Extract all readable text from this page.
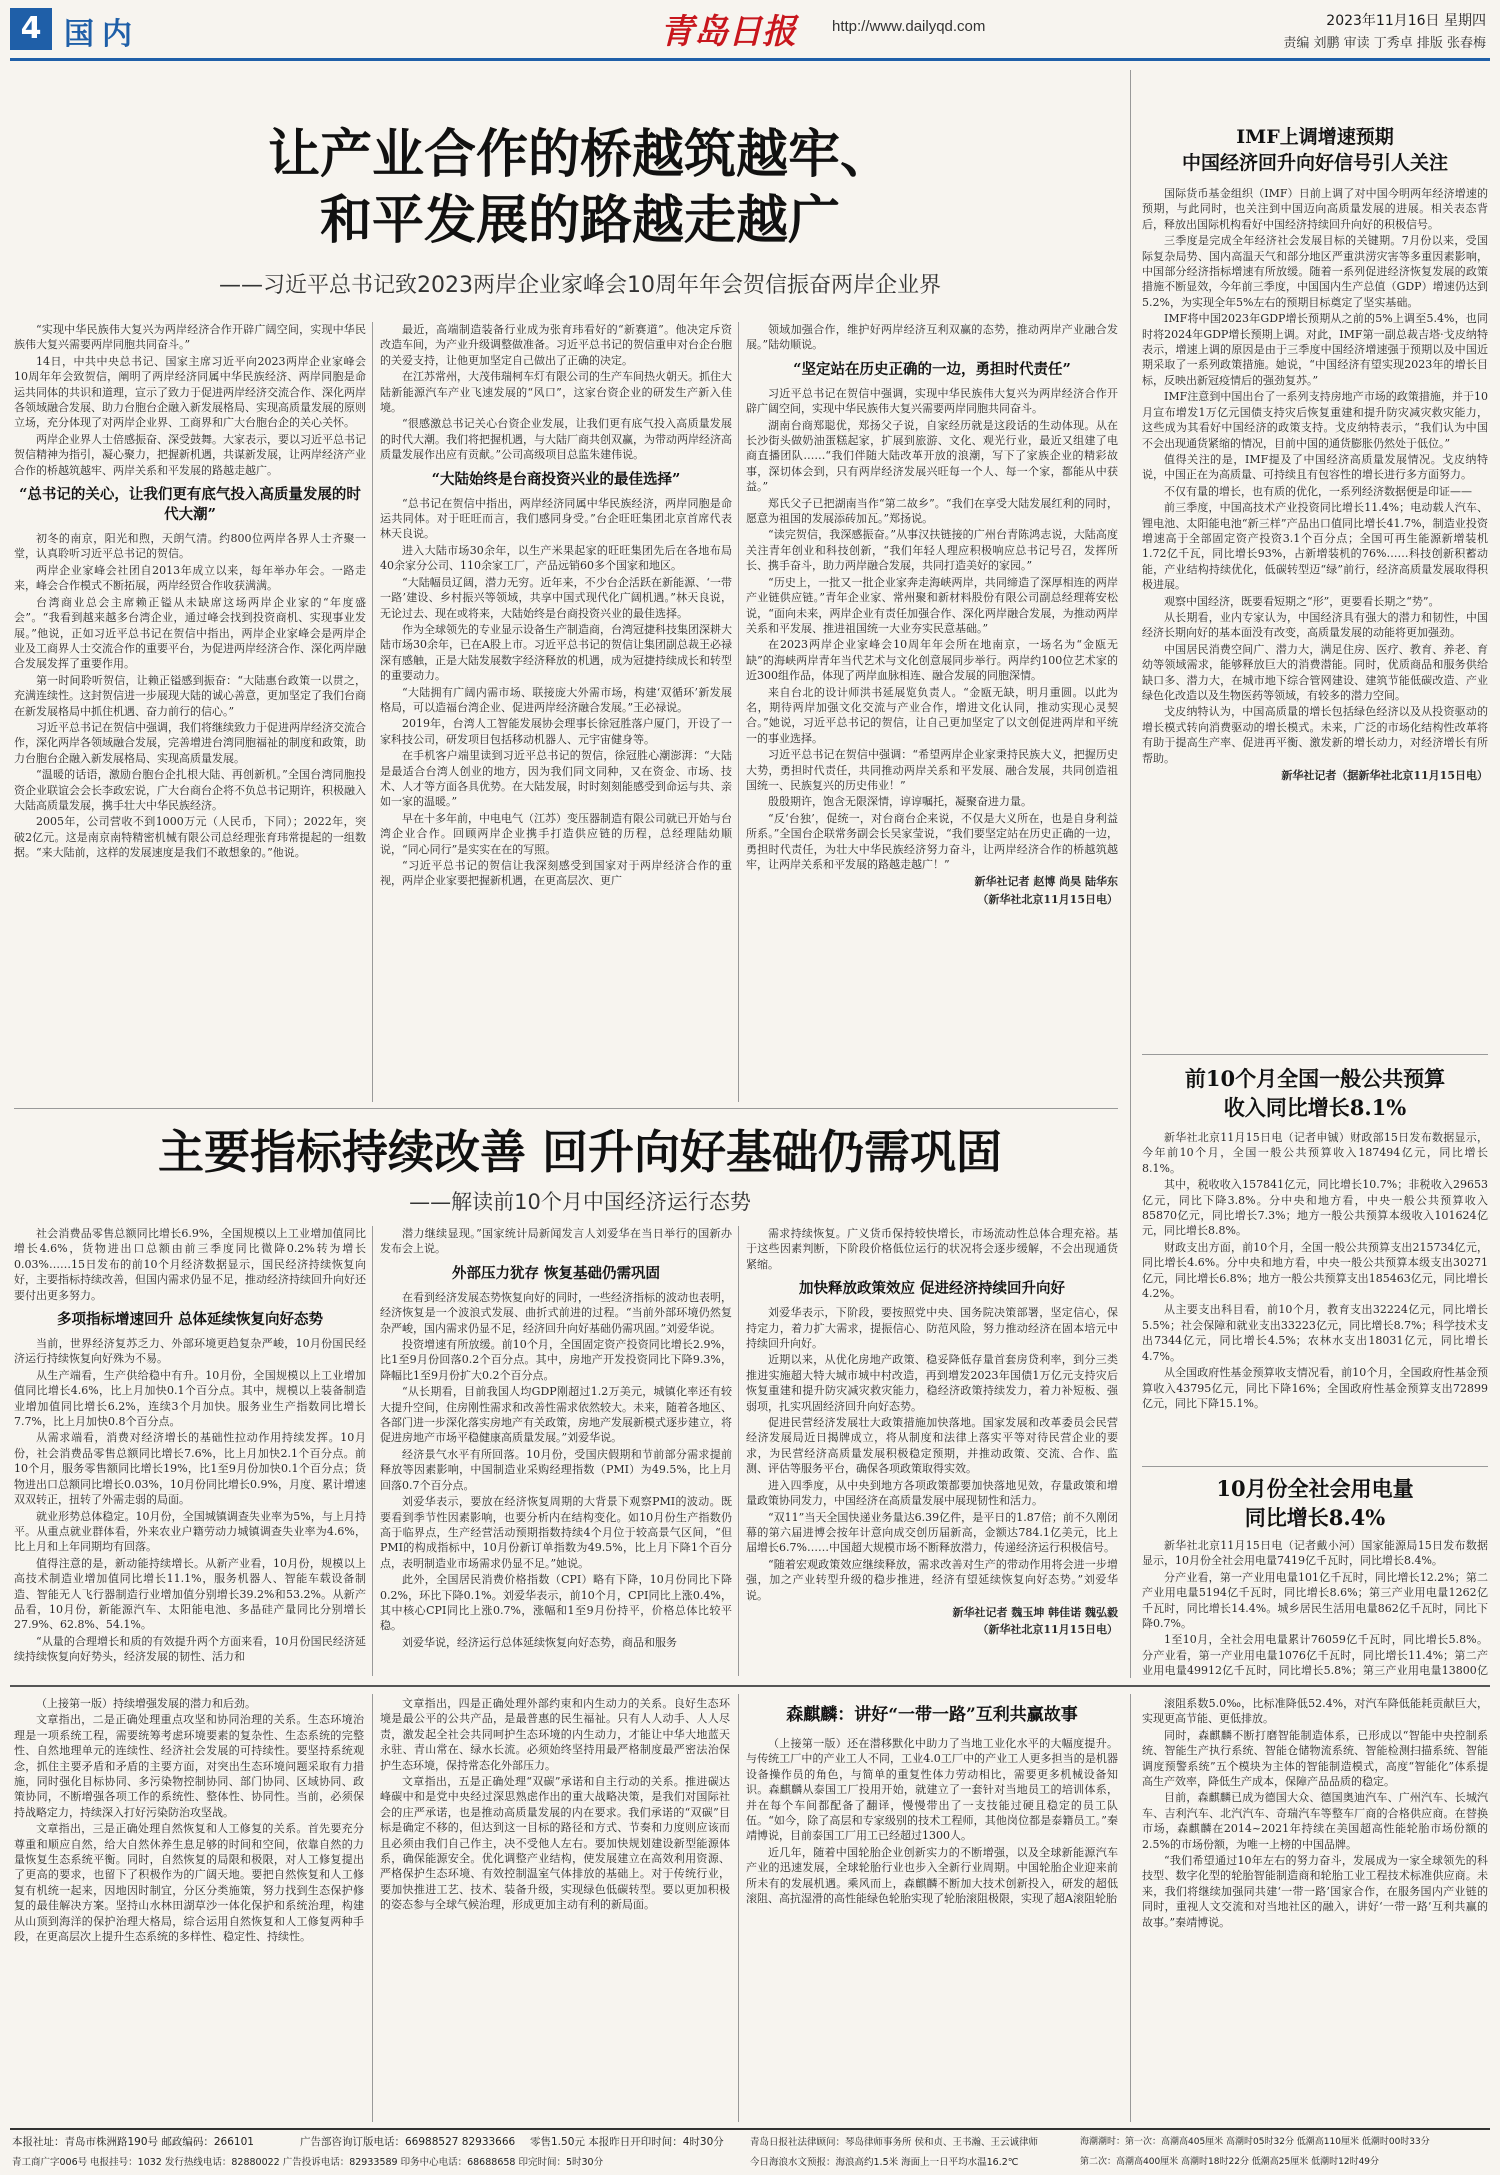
4 国内	青岛日报 http://www.dailyqd.com	2023年11月16日 星期四
责编 刘鹏 审读 丁秀卓 排版 张春梅
让产业合作的桥越筑越牢、
和平发展的路越走越广
——习近平总书记致2023两岸企业家峰会10周年年会贺信振奋两岸企业界

“实现中华民族伟大复兴为两岸经济合作开辟广阔空间，实现中华民族伟大复兴需要两岸同胞共同奋斗。”

14日，中共中央总书记、国家主席习近平向2023两岸企业家峰会10周年年会致贺信，阐明了两岸经济同属中华民族经济、两岸同胞是命运共同体的共识和道理，宣示了致力于促进两岸经济交流合作、深化两岸各领域融合发展、助力台胞台企融入新发展格局、实现高质量发展的原则立场，充分体现了对两岸企业界、工商界和广大台胞台企的关心关怀。

两岸企业界人士倍感振奋、深受鼓舞。大家表示，要以习近平总书记贺信精神为指引，凝心聚力，把握新机遇，共谋新发展，让两岸经济产业合作的桥越筑越牢、两岸关系和平发展的路越走越广。

“总书记的关心，让我们更有底气投入高质量发展的时代大潮”

初冬的南京，阳光和煦，天朗气清。约800位两岸各界人士齐聚一堂，认真聆听习近平总书记的贺信。

两岸企业家峰会社团自2013年成立以来，每年举办年会。一路走来，峰会合作模式不断拓展，两岸经贸合作收获满满。

台湾商业总会主席赖正镒从未缺席这场两岸企业家的“年度盛会”。“我看到越来越多台湾企业，通过峰会找到投资商机、实现事业发展。”他说，正如习近平总书记在贺信中指出，两岸企业家峰会是两岸企业及工商界人士交流合作的重要平台，为促进两岸经济合作、深化两岸融合发展发挥了重要作用。

第一时间聆听贺信，让赖正镒感到振奋：“大陆惠台政策一以贯之，充满连续性。这封贺信进一步展现大陆的诚心善意，更加坚定了我们台商在新发展格局中抓住机遇、奋力前行的信心。”

习近平总书记在贺信中强调，我们将继续致力于促进两岸经济交流合作，深化两岸各领域融合发展，完善增进台湾同胞福祉的制度和政策，助力台胞台企融入新发展格局、实现高质量发展。

“温暖的话语，激励台胞台企扎根大陆、再创新机。”全国台湾同胞投资企业联谊会会长李政宏说，广大台商台企将不负总书记期许，积极融入大陆高质量发展，携手壮大中华民族经济。

2005年，公司营收不到1000万元（人民币，下同）；2022年，突破2亿元。这是南京南特精密机械有限公司总经理张育玮常提起的一组数据。“来大陆前，这样的发展速度是我们不敢想象的。”他说。

最近，高端制造装备行业成为张育玮看好的“新赛道”。他决定斥资改造车间，为产业升级调整做准备。习近平总书记的贺信重申对台企台胞的关爱支持，让他更加坚定自己做出了正确的决定。

在江苏常州，大茂伟瑞柯车灯有限公司的生产车间热火朝天。抓住大陆新能源汽车产业飞速发展的“风口”，这家台资企业的研发生产新入佳境。

“很感激总书记关心台资企业发展，让我们更有底气投入高质量发展的时代大潮。我们将把握机遇，与大陆厂商共创双赢，为带动两岸经济高质量发展作出应有贡献。”公司高级项目总监朱建伟说。

“大陆始终是台商投资兴业的最佳选择”

“总书记在贺信中指出，两岸经济同属中华民族经济，两岸同胞是命运共同体。对于旺旺而言，我们感同身受。”台企旺旺集团北京首席代表林天良说。

进入大陆市场30余年，以生产米果起家的旺旺集团先后在各地布局40余家分公司、110余家工厂，产品远销60多个国家和地区。

“大陆幅员辽阔，潜力无穷。近年来，不少台企活跃在新能源、‘一带一路’建设、乡村振兴等领域，共享中国式现代化广阔机遇。”林天良说，无论过去、现在或将来，大陆始终是台商投资兴业的最佳选择。

作为全球领先的专业显示设备生产制造商，台湾冠捷科技集团深耕大陆市场30余年，已在A股上市。习近平总书记的贺信让集团副总裁王必禄深有感触，正是大陆发展数字经济释放的机遇，成为冠捷持续成长和转型的重要动力。

“大陆拥有广阔内需市场、联接庞大外需市场，构建‘双循环’新发展格局，可以造福台湾企业、促进两岸经济融合发展。”王必禄说。

2019年，台湾人工智能发展协会理事长徐冠胜落户厦门，开设了一家科技公司，研发项目包括移动机器人、元宇宙健身等。

在手机客户端里读到习近平总书记的贺信，徐冠胜心潮澎湃：“大陆是最适合台湾人创业的地方，因为我们同文同种，又在资金、市场、技术、人才等方面各具优势。在大陆发展，时时刻刻能感受到命运与共、亲如一家的温暖。”

早在十多年前，中电电气（江苏）变压器制造有限公司就已开始与台湾企业合作。回顾两岸企业携手打造供应链的历程，总经理陆幼顺说，“同心同行”是实实在在的写照。

“习近平总书记的贺信让我深刻感受到国家对于两岸经济合作的重视，两岸企业家要把握新机遇，在更高层次、更广

领域加强合作，维护好两岸经济互利双赢的态势，推动两岸产业融合发展。”陆幼顺说。

“坚定站在历史正确的一边，勇担时代责任”

习近平总书记在贺信中强调，实现中华民族伟大复兴为两岸经济合作开辟广阔空间，实现中华民族伟大复兴需要两岸同胞共同奋斗。

湖南台商郑聪优，郑扬父子说，自家经历就是这段话的生动体现。从在长沙街头做奶油蛋糕起家，扩展到旅游、文化、观光行业，最近又组建了电商直播团队……“我们伴随大陆改革开放的浪潮，写下了家族企业的精彩故事，深切体会到，只有两岸经济发展兴旺每一个人、每一个家，都能从中获益。”

郑氏父子已把湖南当作“第二故乡”。“我们在享受大陆发展红利的同时，愿意为祖国的发展添砖加瓦。”郑扬说。

“读完贺信，我深感振奋。”从事汉扶链接的广州台青陈鸿志说，大陆高度关注青年创业和科技创新，“我们年轻人理应积极响应总书记号召，发挥所长、携手奋斗，助力两岸融合发展，共同打造美好的家园。”

“历史上，一批又一批企业家奔走海峡两岸，共同缔造了深厚相连的两岸产业链供应链。”青年企业家、常州聚和新材料股份有限公司副总经理蒋安松说，“面向未来，两岸企业有责任加强合作、深化两岸融合发展，为推动两岸关系和平发展、推进祖国统一大业夯实民意基础。”

在2023两岸企业家峰会10周年年会所在地南京，一场名为“金瓯无缺”的海峡两岸青年当代艺术与文化创意展同步举行。两岸约100位艺术家的近300组作品，体现了两岸血脉相连、融合发展的同胞深情。

来自台北的设计师洪书延展览负责人。“金瓯无缺，明月重圆。以此为名，期待两岸加强文化交流与产业合作，增进文化认同，推动实现心灵契合。”她说，习近平总书记的贺信，让自己更加坚定了以文创促进两岸和平统一的事业选择。

习近平总书记在贺信中强调：“希望两岸企业家秉持民族大义，把握历史大势，勇担时代责任，共同推动两岸关系和平发展、融合发展，共同创造祖国统一、民族复兴的历史伟业！”

殷殷期许，饱含无限深情，谆谆嘱托，凝聚奋进力量。

“反‘台独’，促统一，对台商台企来说，不仅是大义所在，也是自身利益所系。”全国台企联常务副会长吴家莹说，“我们要坚定站在历史正确的一边，勇担时代责任，为壮大中华民族经济努力奋斗，让两岸经济合作的桥越筑越牢，让两岸关系和平发展的路越走越广！”

新华社记者 赵博 尚昊 陆华东
（新华社北京11月15日电）
主要指标持续改善 回升向好基础仍需巩固
——解读前10个月中国经济运行态势

社会消费品零售总额同比增长6.9%，全国规模以上工业增加值同比增长4.6%，货物进出口总额由前三季度同比微降0.2%转为增长0.03%……15日发布的前10个月经济数据显示，国民经济持续恢复向好，主要指标持续改善，但国内需求仍显不足，推动经济持续回升向好还要付出更多努力。

多项指标增速回升 总体延续恢复向好态势

当前，世界经济复苏乏力、外部环境更趋复杂严峻，10月份国民经济运行持续恢复向好殊为不易。

从生产端看，生产供给稳中有升。10月份，全国规模以上工业增加值同比增长4.6%，比上月加快0.1个百分点。其中，规模以上装备制造业增加值同比增长6.2%，连续3个月加快。服务业生产指数同比增长7.7%，比上月加快0.8个百分点。

从需求端看，消费对经济增长的基础性拉动作用持续发挥。10月份，社会消费品零售总额同比增长7.6%，比上月加快2.1个百分点。前10个月，服务零售额同比增长19%，比1至9月份加快0.1个百分点；货物进出口总额同比增长0.03%，10月份同比增长0.9%，月度、累计增速双双转正，扭转了外需走弱的局面。

就业形势总体稳定。10月份，全国城镇调查失业率为5%，与上月持平。从重点就业群体看，外来农业户籍劳动力城镇调查失业率为4.6%，比上月和上年同期均有回落。

值得注意的是，新动能持续增长。从新产业看，10月份，规模以上高技术制造业增加值同比增长11.1%，服务机器人、智能车载设备制造、智能无人飞行器制造行业增加值分别增长39.2%和53.2%。从新产品看，10月份，新能源汽车、太阳能电池、多晶硅产量同比分别增长27.9%、62.8%、54.1%。

“从量的合理增长和质的有效提升两个方面来看，10月份国民经济延续持续恢复向好势头，经济发展的韧性、活力和

潜力继续显现。”国家统计局新闻发言人刘爱华在当日举行的国新办发布会上说。

外部压力犹存 恢复基础仍需巩固

在看到经济发展态势恢复向好的同时，一些经济指标的波动也表明，经济恢复是一个波浪式发展、曲折式前进的过程。“当前外部环境仍然复杂严峻，国内需求仍显不足，经济回升向好基础仍需巩固。”刘爱华说。

投资增速有所放缓。前10个月，全国固定资产投资同比增长2.9%，比1至9月份回落0.2个百分点。其中，房地产开发投资同比下降9.3%，降幅比1至9月份扩大0.2个百分点。

“从长期看，目前我国人均GDP刚超过1.2万美元，城镇化率还有较大提升空间，住房刚性需求和改善性需求依然较大。未来，随着各地区、各部门进一步深化落实房地产有关政策，房地产发展新模式逐步建立，将促进房地产市场平稳健康高质量发展。”刘爱华说。

经济景气水平有所回落。10月份，受国庆假期和节前部分需求提前释放等因素影响，中国制造业采购经理指数（PMI）为49.5%，比上月回落0.7个百分点。

刘爱华表示，要放在经济恢复周期的大背景下观察PMI的波动。既要看到季节性因素影响，也要分析内在结构变化。如10月份生产指数仍高于临界点，生产经营活动预期指数持续4个月位于较高景气区间，“但PMI的构成指标中，10月份新订单指数为49.5%，比上月下降1个百分点，表明制造业市场需求仍显不足。”她说。

此外，全国居民消费价格指数（CPI）略有下降，10月份同比下降0.2%，环比下降0.1%。刘爱华表示，前10个月，CPI同比上涨0.4%，其中核心CPI同比上涨0.7%，涨幅和1至9月份持平，价格总体比较平稳。

刘爱华说，经济运行总体延续恢复向好态势，商品和服务

需求持续恢复。广义货币保持较快增长，市场流动性总体合理充裕。基于这些因素判断，下阶段价格低位运行的状况将会逐步缓解，不会出现通货紧缩。

加快释放政策效应 促进经济持续回升向好

刘爱华表示，下阶段，要按照党中央、国务院决策部署，坚定信心，保持定力，着力扩大需求，提振信心、防范风险，努力推动经济在固本培元中持续回升向好。

近期以来，从优化房地产政策、稳妥降低存量首套房贷利率，到分三类推进实施超大特大城市城中村改造，再到增发2023年国债1万亿元支持灾后恢复重建和提升防灾减灾救灾能力，稳经济政策持续发力，着力补短板、强弱项，扎实巩固经济回升向好态势。

促进民营经济发展壮大政策措施加快落地。国家发展和改革委员会民营经济发展局近日揭牌成立，将从制度和法律上落实平等对待民营企业的要求，为民营经济高质量发展积极稳定预期，并推动政策、交流、合作、监测、评估等服务平台，确保各项政策取得实效。

进入四季度，从中央到地方各项政策都要加快落地见效，存量政策和增量政策协同发力，中国经济在高质量发展中展现韧性和活力。

“双11”当天全国快递业务量达6.39亿件，是平日的1.87倍；前不久刚闭幕的第六届进博会按年计意向成交创历届新高，金额达784.1亿美元，比上届增长6.7%……中国超大规模市场不断释放潜力，传递经济运行积极信号。

“随着宏观政策效应继续释放，需求改善对生产的带动作用将会进一步增强，加之产业转型升级的稳步推进，经济有望延续恢复向好态势。”刘爱华说。

新华社记者 魏玉坤 韩佳诺 魏弘毅
（新华社北京11月15日电）
IMF上调增速预期
中国经济回升向好信号引人关注

国际货币基金组织（IMF）日前上调了对中国今明两年经济增速的预期，与此同时，也关注到中国迈向高质量发展的进展。相关表态背后，释放出国际机构看好中国经济持续回升向好的积极信号。

三季度是完成全年经济社会发展目标的关键期。7月份以来，受国际复杂局势、国内高温天气和部分地区严重洪涝灾害等多重因素影响，中国部分经济指标增速有所放缓。随着一系列促进经济恢复发展的政策措施不断显效，今年前三季度，中国国内生产总值（GDP）增速仍达到5.2%，为实现全年5%左右的预期目标奠定了坚实基础。

IMF将中国2023年GDP增长预期从之前的5%上调至5.4%，也同时将2024年GDP增长预期上调。对此，IMF第一副总裁吉塔·戈皮纳特表示，增速上调的原因是由于三季度中国经济增速强于预期以及中国近期采取了一系列政策措施。她说，“中国经济有望实现2023年的增长目标，反映出新冠疫情后的强劲复苏。”

IMF注意到中国出台了一系列支持房地产市场的政策措施，并于10月宣布增发1万亿元国债支持灾后恢复重建和提升防灾减灾救灾能力，这些成为其看好中国经济的政策支持。戈皮纳特表示，“我们认为中国不会出现通货紧缩的情况，目前中国的通货膨胀仍然处于低位。”

值得关注的是，IMF提及了中国经济高质量发展情况。戈皮纳特说，中国正在为高质量、可持续且有包容性的增长进行多方面努力。

不仅有量的增长，也有质的优化，一系列经济数据便是印证——

前三季度，中国高技术产业投资同比增长11.4%；电动载人汽车、锂电池、太阳能电池“新三样”产品出口值同比增长41.7%，制造业投资增速高于全部固定资产投资3.1个百分点；全国可再生能源新增装机1.72亿千瓦，同比增长93%，占新增装机的76%……科技创新积蓄动能，产业结构持续优化，低碳转型迈“绿”前行，经济高质量发展取得积极进展。

观察中国经济，既要看短期之“形”，更要看长期之“势”。

从长期看，业内专家认为，中国经济具有强大的潜力和韧性，中国经济长期向好的基本面没有改变，高质量发展的动能将更加强劲。

中国居民消费空间广、潜力大，满足住房、医疗、教育、养老、育幼等领域需求，能够释放巨大的消费潜能。同时，优质商品和服务供给缺口多、潜力大，在城市地下综合管网建设、建筑节能低碳改造、产业绿色化改造以及生物医药等领域，有较多的潜力空间。

戈皮纳特认为，中国高质量的增长包括绿色经济以及从投资驱动的增长模式转向消费驱动的增长模式。未来，广泛的市场化结构性改革将有助于提高生产率、促进再平衡、激发新的增长动力，对经济增长有所帮助。

新华社记者（据新华社北京11月15日电）
前10个月全国一般公共预算
收入同比增长8.1%

新华社北京11月15日电（记者申铖）财政部15日发布数据显示，今年前10个月，全国一般公共预算收入187494亿元，同比增长8.1%。

其中，税收收入157841亿元，同比增长10.7%；非税收入29653亿元，同比下降3.8%。分中央和地方看，中央一般公共预算收入85870亿元，同比增长7.3%；地方一般公共预算本级收入101624亿元，同比增长8.8%。

财政支出方面，前10个月，全国一般公共预算支出215734亿元，同比增长4.6%。分中央和地方看，中央一般公共预算本级支出30271亿元，同比增长6.8%；地方一般公共预算支出185463亿元，同比增长4.2%。

从主要支出科目看，前10个月，教育支出32224亿元，同比增长5.5%；社会保障和就业支出33223亿元，同比增长8.7%；科学技术支出7344亿元，同比增长4.5%；农林水支出18031亿元，同比增长4.7%。

从全国政府性基金预算收支情况看，前10个月，全国政府性基金预算收入43795亿元，同比下降16%；全国政府性基金预算支出72899亿元，同比下降15.1%。

10月份全社会用电量
同比增长8.4%

新华社北京11月15日电（记者戴小河）国家能源局15日发布数据显示，10月份全社会用电量7419亿千瓦时，同比增长8.4%。

分产业看，第一产业用电量101亿千瓦时，同比增长12.2%；第二产业用电量5194亿千瓦时，同比增长8.6%；第三产业用电量1262亿千瓦时，同比增长14.4%。城乡居民生活用电量862亿千瓦时，同比下降0.7%。

1至10月，全社会用电量累计76059亿千瓦时，同比增长5.8%。分产业看，第一产业用电量1076亿千瓦时，同比增长11.4%；第二产业用电量49912亿千瓦时，同比增长5.8%；第三产业用电量13800亿

（上接第一版）持续增强发展的潜力和后劲。

文章指出，二是正确处理重点攻坚和协同治理的关系。生态环境治理是一项系统工程，需要统筹考虑环境要素的复杂性、生态系统的完整性、自然地理单元的连续性、经济社会发展的可持续性。要坚持系统观念，抓住主要矛盾和矛盾的主要方面，对突出生态环境问题采取有力措施，同时强化目标协同、多污染物控制协同、部门协同、区域协同、政策协同，不断增强各项工作的系统性、整体性、协同性。当前，必须保持战略定力，持续深入打好污染防治攻坚战。

文章指出，三是正确处理自然恢复和人工修复的关系。首先要充分尊重和顺应自然，给大自然休养生息足够的时间和空间，依靠自然的力量恢复生态系统平衡。同时，自然恢复的局限和极限，对人工修复提出了更高的要求，也留下了积极作为的广阔天地。要把自然恢复和人工修复有机统一起来，因地因时制宜，分区分类施策，努力找到生态保护修复的最佳解决方案。坚持山水林田湖草沙一体化保护和系统治理，构建从山顶到海洋的保护治理大格局，综合运用自然恢复和人工修复两种手段，在更高层次上提升生态系统的多样性、稳定性、持续性。

文章指出，四是正确处理外部约束和内生动力的关系。良好生态环境是最公平的公共产品，是最普惠的民生福祉。只有人人动手、人人尽责，激发起全社会共同呵护生态环境的内生动力，才能让中华大地蓝天永驻、青山常在、绿水长流。必须始终坚持用最严格制度最严密法治保护生态环境，保持常态化外部压力。

文章指出，五是正确处理“双碳”承诺和自主行动的关系。推进碳达峰碳中和是党中央经过深思熟虑作出的重大战略决策，是我们对国际社会的庄严承诺，也是推动高质量发展的内在要求。我们承诺的“双碳”目标是确定不移的，但达到这一目标的路径和方式、节奏和力度则应该而且必须由我们自己作主，决不受他人左右。要加快规划建设新型能源体系，确保能源安全。优化调整产业结构，使发展建立在高效利用资源、严格保护生态环境、有效控制温室气体排放的基础上。对于传统行业，要加快推进工艺、技术、装备升级，实现绿色低碳转型。要以更加积极的姿态参与全球气候治理，形成更加主动有利的新局面。

森麒麟：讲好“一带一路”互利共赢故事

（上接第一版）还在潜移默化中助力了当地工业化水平的大幅度提升。与传统工厂中的产业工人不同，工业4.0工厂中的产业工人更多担当的是机器设备操作员的角色，与简单的重复性体力劳动相比，需要更多机械设备知识。森麒麟从泰国工厂投用开始，就建立了一套针对当地员工的培训体系，并在每个车间都配备了翻译，慢慢带出了一支技能过硬且稳定的员工队伍。“如今，除了高层和专家级别的技术工程师，其他岗位都是泰籍员工。”秦靖博说，目前泰国工厂用工已经超过1300人。

近几年，随着中国轮胎企业创新实力的不断增强，以及全球新能源汽车产业的迅速发展，全球轮胎行业也步入全新行业周期。中国轮胎企业迎来前所未有的发展机遇。乘风而上，森麒麟不断加大技术创新投入，研发的超低滚阻、高抗湿滑的高性能绿色轮胎实现了轮胎滚阻极限，实现了超A滚阻轮胎

滚阻系数5.0‰，比标准降低52.4%，对汽车降低能耗贡献巨大，实现更高节能、更低排放。

同时，森麒麟不断打磨智能制造体系，已形成以“智能中央控制系统、智能生产执行系统、智能仓储物流系统、智能检测扫描系统、智能调度预警系统”五个模块为主体的智能制造模式，高度“智能化”体系提高生产效率，降低生产成本，保障产品品质的稳定。

目前，森麒麟已成为德国大众、德国奥迪汽车、广州汽车、长城汽车、吉利汽车、北汽汽车、奇瑞汽车等整车厂商的合格供应商。在替换市场，森麒麟在2014~2021年持续在美国超高性能轮胎市场份额的2.5%的市场份额，为唯一上榜的中国品牌。

“我们希望通过10年左右的努力奋斗，发展成为一家全球领先的科技型、数字化型的轮胎智能制造商和轮胎工业工程技术标准供应商。未来，我们将继续加强同共建‘一带一路’国家合作，在服务国内产业链的同时，重视人文交流和对当地社区的融入，讲好‘一带一路’互利共赢的故事。”秦靖博说。

本报社址：青岛市株洲路190号 邮政编码：266101	广告部咨询订版电话：66988527 82933666 零售1.50元 本报昨日开印时间：4时30分
青工商广字006号 电报挂号：1032 发行热线电话：82880022 广告投诉电话：82933589 印务中心电话：68688658 印完时间：5时30分
青岛日报社法律顾问：琴岛律师事务所 侯和贞、王书瀚、王云诚律师
今日海浪水文预报：海浪高约1.5米 海面上一日平均水温16.2℃
海潮潮时：第一次：高潮高405厘米 高潮时05时32分 低潮高110厘米 低潮时00时33分
第二次：高潮高400厘米 高潮时18时22分 低潮高25厘米 低潮时12时49分
